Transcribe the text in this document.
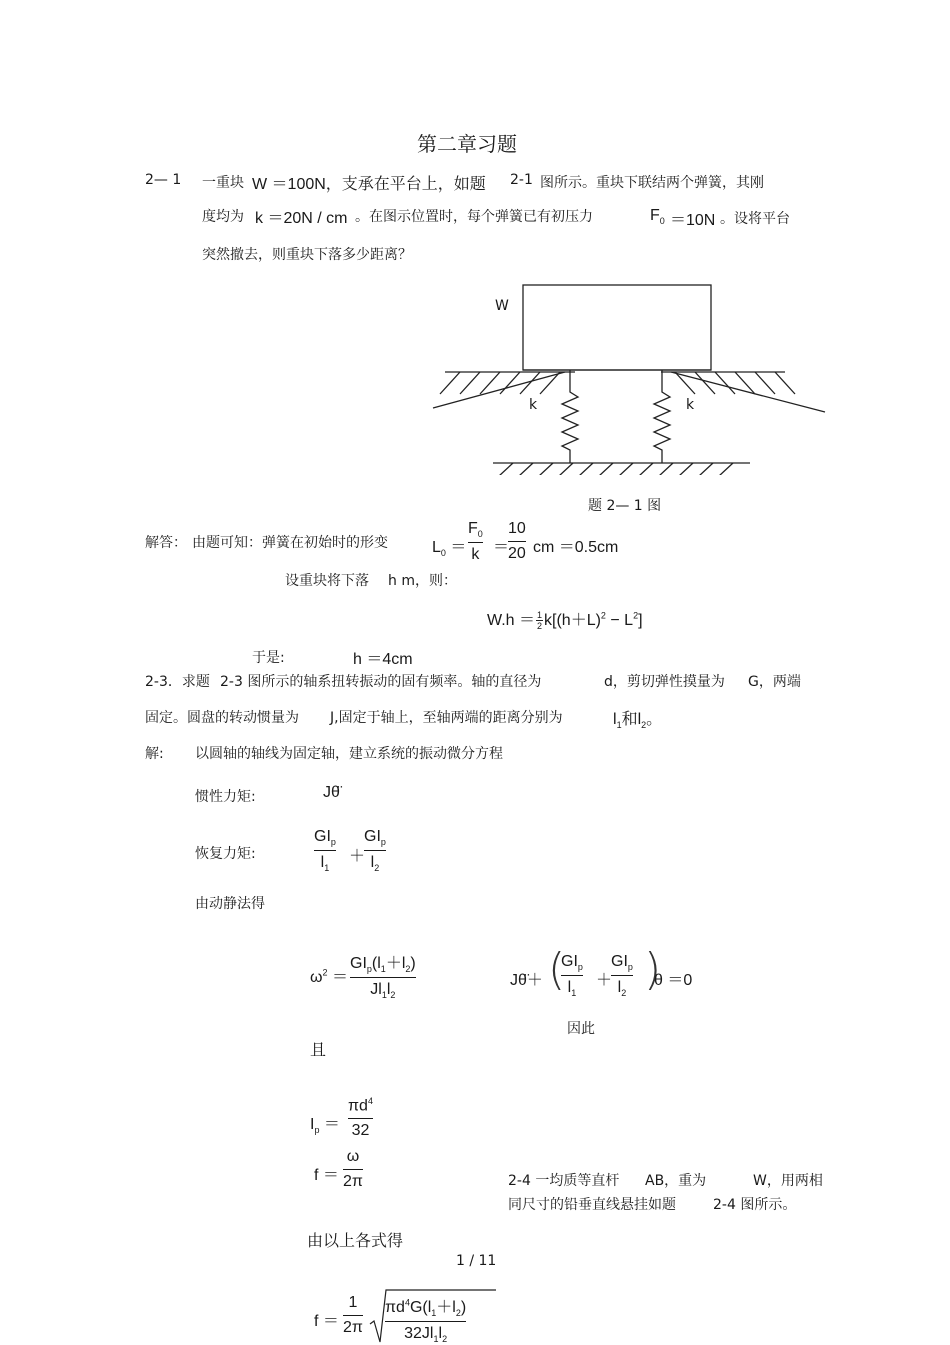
第二章习题
2— 1 一重块 W ＝100N，支承在平台上，如题 2-1 图所示。重块下联结两个弹簧，其刚
度均为 k ＝20N / cm 。在图示位置时，每个弹簧已有初压力	$F_0 =10N$ 。设将平台
突然撤去，则重块下落多少距离？
W
k	k
题 2— 1 图
解答： 由题可知：弹簧在初始时的形变	$L_0$ ＝
$F_0$
k ＝
10
20 cm ＝0.5cm
设重块将下落 h m，则：
$W.h = \frac{1}{2} k[(h+L)^2 - L^2]$
于是:	h ＝4cm
2-3．求题 2-3 图所示的轴系扭转振动的固有频率。轴的直径为	d，剪切弹性摸量为 G，两端
固定。圆盘的转动惯量为 J,固定于轴上，至轴两端的距离分别为	$l_1$和$l_2$。
解: 以圆轴的轴线为固定轴，建立系统的振动微分方程
惯性力矩:	Jθ̈
恢复力矩:
$GI_p$
$l_1$
＋
$GI_p$
$l_2$
由动静法得
$\omega^2$ ＝
$GI_p(l_1+l_2)$
$Jl_1l_2$
Jθ̈＋ (
$GI_p$
$l_1$
＋
$GI_p$
$l_2$ )
θ ＝0
因此
且
$I_p$ ＝
$\pi d^4$
32
f ＝
ω
2π	2-4 一均质等直杆 AB，重为	W，用两相
同尺寸的铅垂直线悬挂如题	2-4 图所示。
由以上各式得
1 / 11
f ＝
1
2π
$\pi d^4G(l_1+l_2)$
$32Jl_1l_2$
